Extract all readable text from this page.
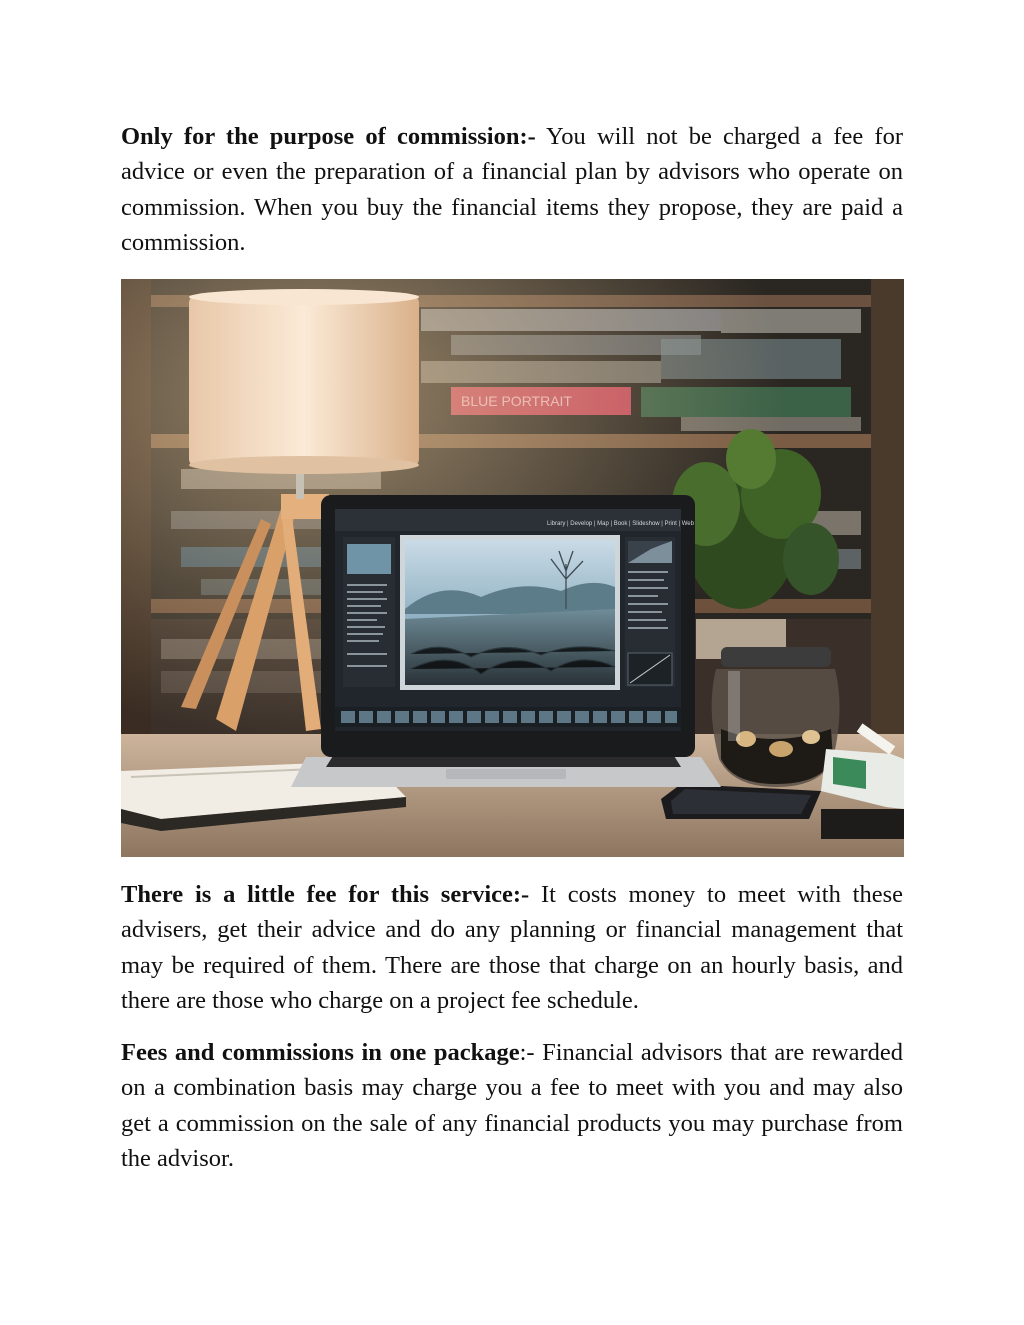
Only for the purpose of commission:- You will not be charged a fee for advice or even the preparation of a financial plan by advisors who operate on commission. When you buy the financial items they propose, they are paid a commission.

Library | Develop | Map | Book | Slideshow | Print | Web

There is a little fee for this service:- It costs money to meet with these advisers, get their advice and do any planning or financial management that may be required of them. There are those that charge on an hourly basis, and there are those who charge on a project fee schedule.

Fees and commissions in one package:- Financial advisors that are rewarded on a combination basis may charge you a fee to meet with you and may also get a commission on the sale of any financial products you may purchase from the advisor.
